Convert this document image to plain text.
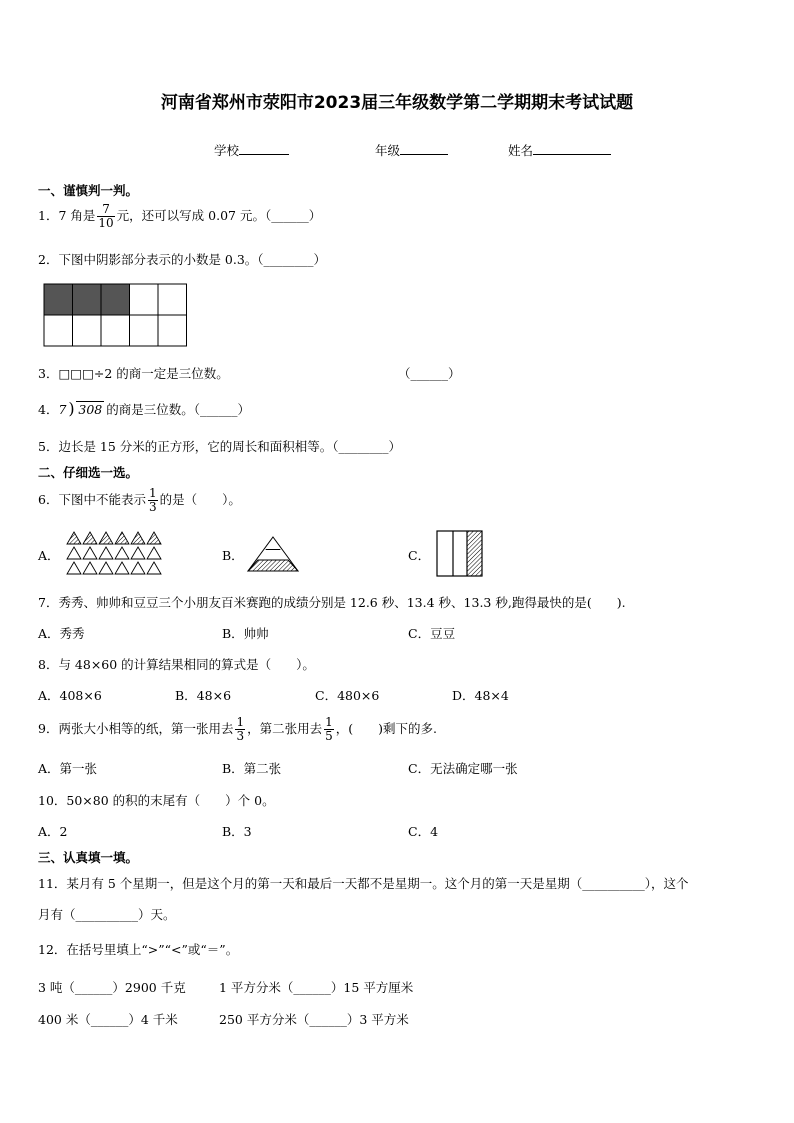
河南省郑州市荥阳市2023届三年级数学第二学期期末考试试题
学校	年级	姓名
一、谨慎判一判。
1．7 角是 $\frac{7}{10}$ 元，还可以写成 0.07 元。（______）
2．下图中阴影部分表示的小数是 0.3。（________）
3．□□□÷2 的商一定是三位数。	（______）
4．7 ) 308 的商是三位数。（______）
5．边长是 15 分米的正方形，它的周长和面积相等。（________）
二、仔细选一选。
6．下图中不能表示 $\frac{1}{3}$ 的是（　　）。
A．	B．	C．
7．秀秀、帅帅和豆豆三个小朋友百米赛跑的成绩分别是 12.6 秒、13.4 秒、13.3 秒,跑得最快的是(　　).
A．秀秀	B．帅帅	C．豆豆
8．与 48×60 的计算结果相同的算式是（　　）。
A．408×6	B．48×6	C．480×6	D．48×4
9．两张大小相等的纸，第一张用去 $\frac{1}{3}$ ，第二张用去 $\frac{1}{5}$ ，(　　)剩下的多.
A．第一张	B．第二张	C．无法确定哪一张
10．50×80 的积的末尾有（　　）个 0。
A．2	B．3	C．4
三、认真填一填。
11．某月有 5 个星期一，但是这个月的第一天和最后一天都不是星期一。这个月的第一天是星期（__________），这个
月有（__________）天。
12．在括号里填上“>”“<”或“＝”。
3 吨（______）2900 千克	1 平方分米（______）15 平方厘米
400 米（______）4 千米	250 平方分米（______）3 平方米
